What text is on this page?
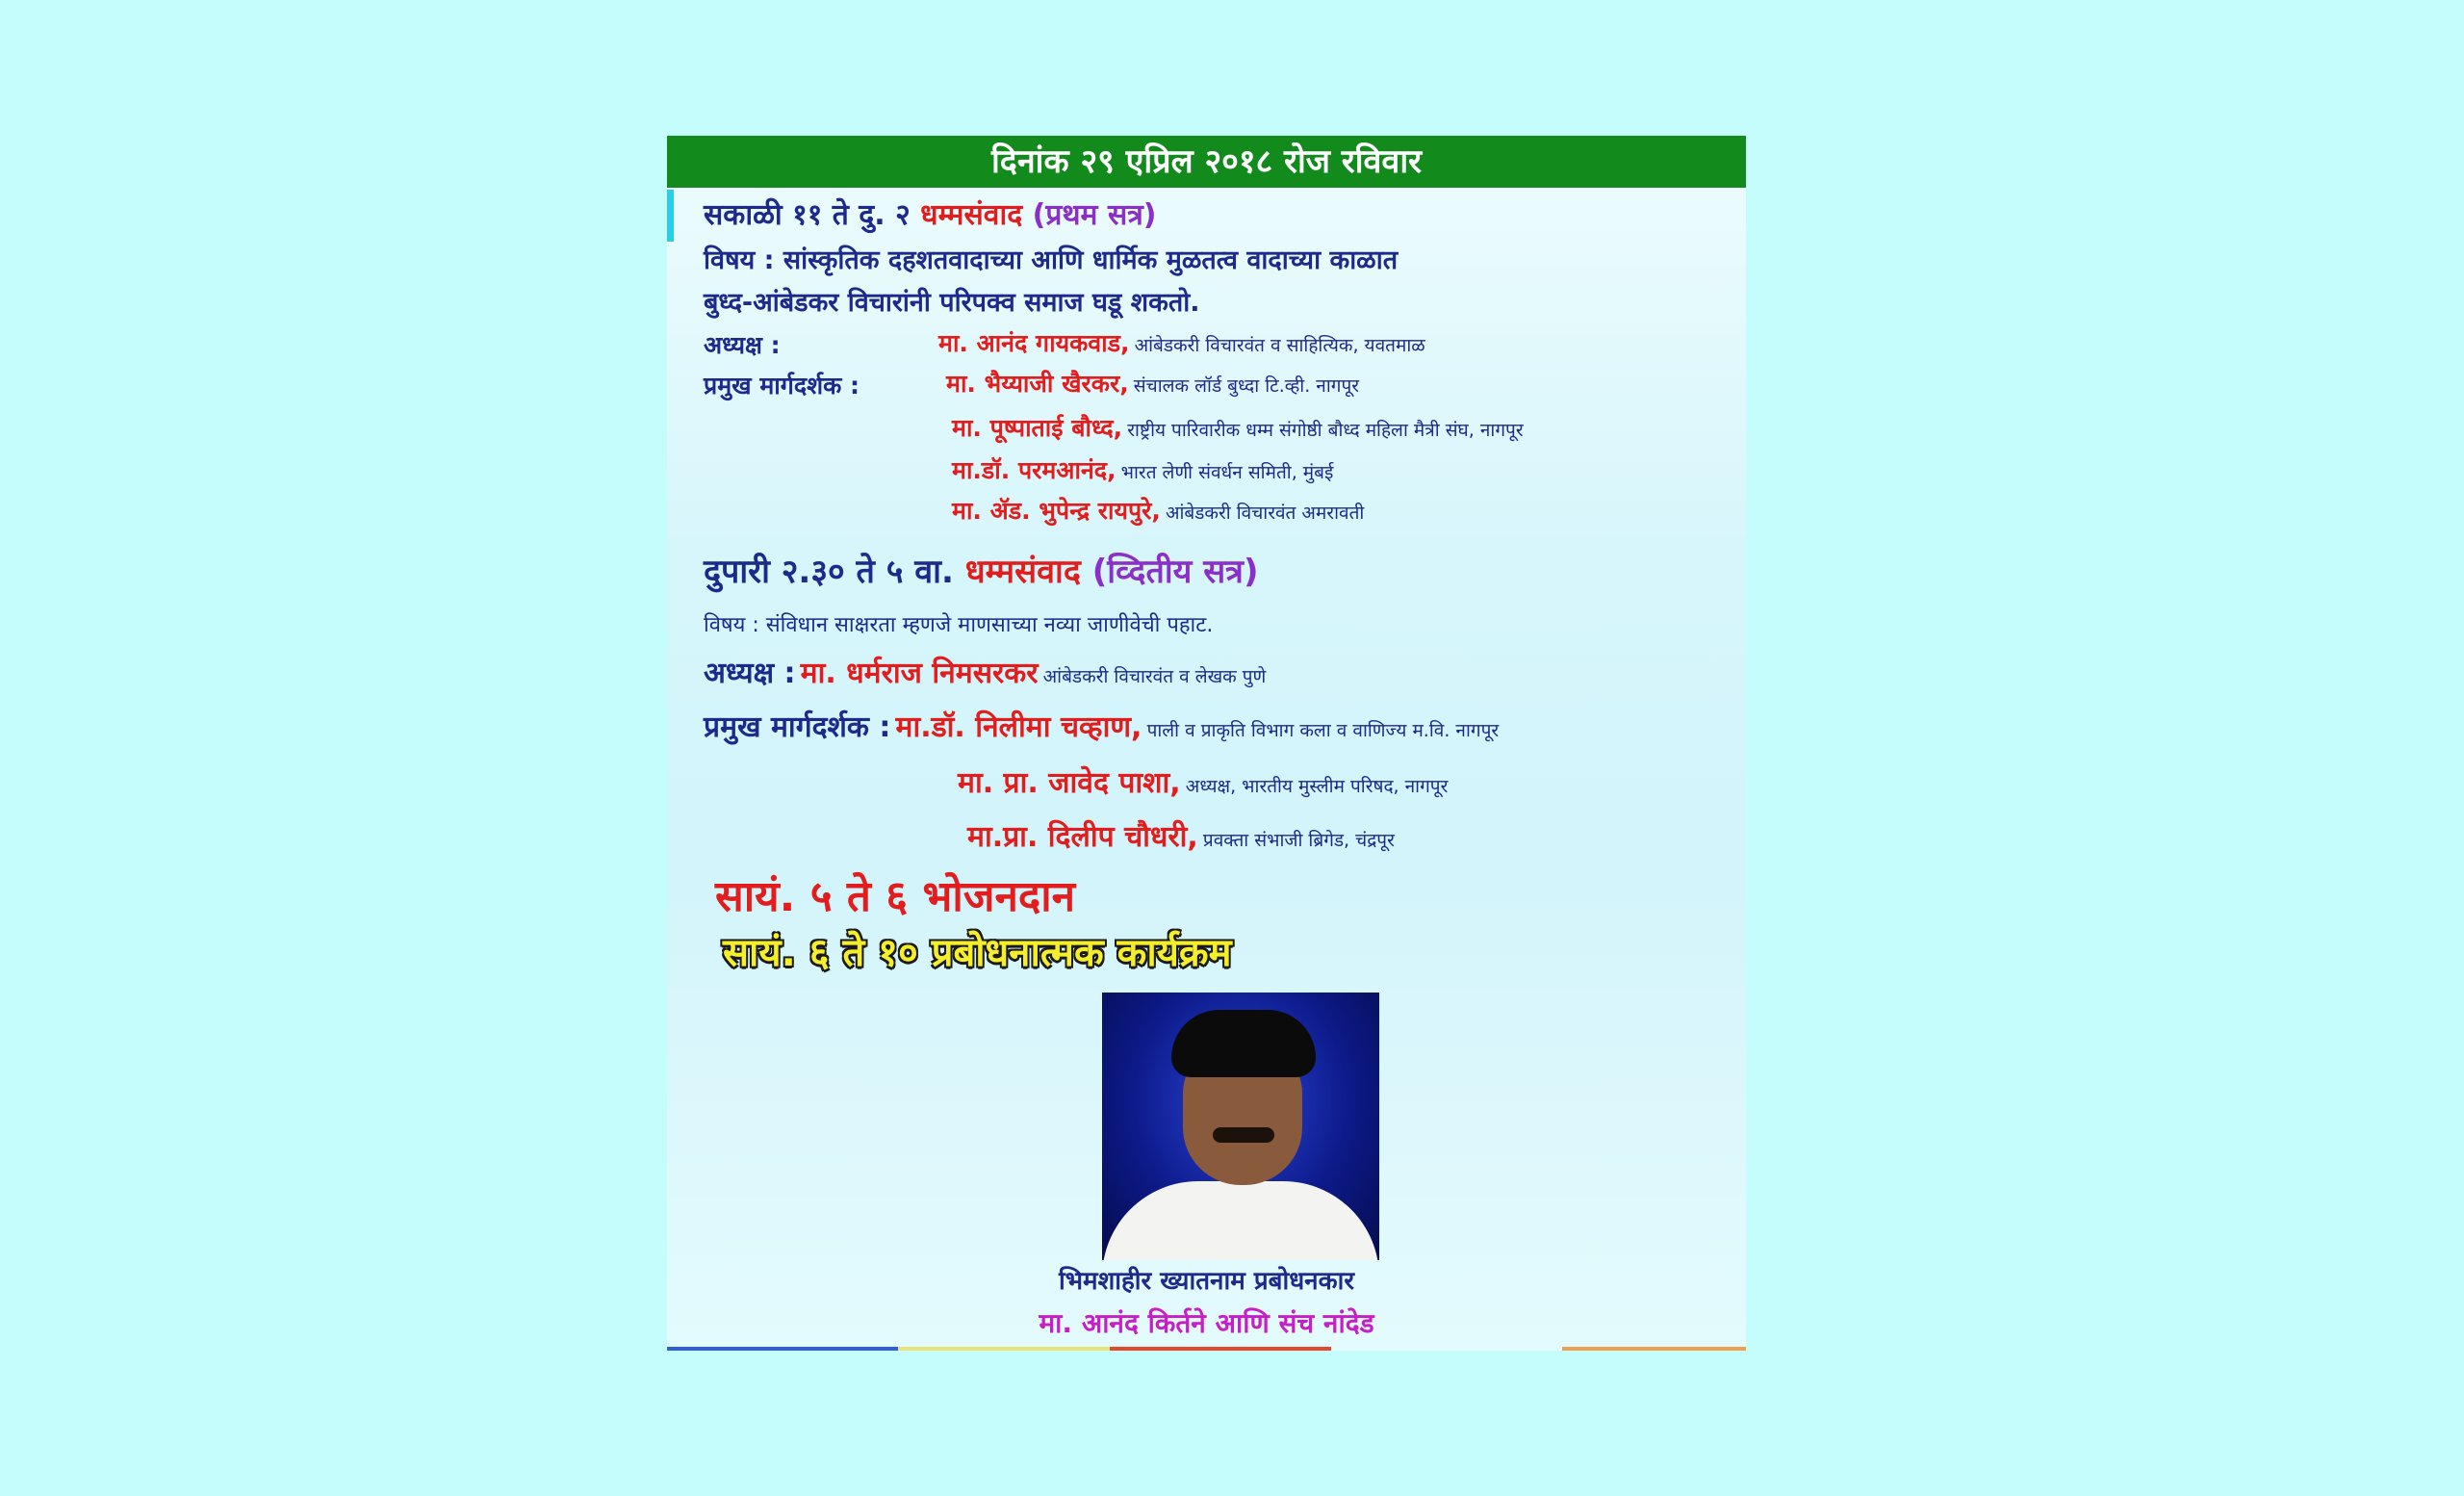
दिनांक २९ एप्रिल २०१८ रोज रविवार
सकाळी ११ ते दु. २ धम्मसंवाद (प्रथम सत्र)
विषय : सांस्कृतिक दहशतवादाच्या आणि धार्मिक मुळतत्व वादाच्या काळात
बुध्द-आंबेडकर विचारांनी परिपक्व समाज घडू शकतो.
अध्यक्ष :	मा. आनंद गायकवाड, आंबेडकरी विचारवंत व साहित्यिक, यवतमाळ
प्रमुख मार्गदर्शक :	मा. भैय्याजी खैरकर, संचालक लॉर्ड बुध्दा टि.व्ही. नागपूर
मा. पूष्पाताई बौध्द, राष्ट्रीय पारिवारीक धम्म संगोष्ठी बौध्द महिला मैत्री संघ, नागपूर
मा.डॉ. परमआनंद, भारत लेणी संवर्धन समिती, मुंबई
मा. ॲड. भुपेन्द्र रायपुरे, आंबेडकरी विचारवंत अमरावती
दुपारी २.३० ते ५ वा. धम्मसंवाद (व्दितीय सत्र)
विषय : संविधान साक्षरता म्हणजे माणसाच्या नव्या जाणीवेची पहाट.
अध्यक्ष : मा. धर्मराज निमसरकर आंबेडकरी विचारवंत व लेखक पुणे
प्रमुख मार्गदर्शक : मा.डॉ. निलीमा चव्हाण, पाली व प्राकृति विभाग कला व वाणिज्य म.वि. नागपूर
मा. प्रा. जावेद पाशा, अध्यक्ष, भारतीय मुस्लीम परिषद, नागपूर
मा.प्रा. दिलीप चौधरी, प्रवक्ता संभाजी ब्रिगेड, चंद्रपूर
सायं. ५ ते ६ भोजनदान
सायं. ६ ते १० प्रबोधनात्मक कार्यक्रम
भिमशाहीर ख्यातनाम प्रबोधनकार
मा. आनंद किर्तने आणि संच नांदेड
